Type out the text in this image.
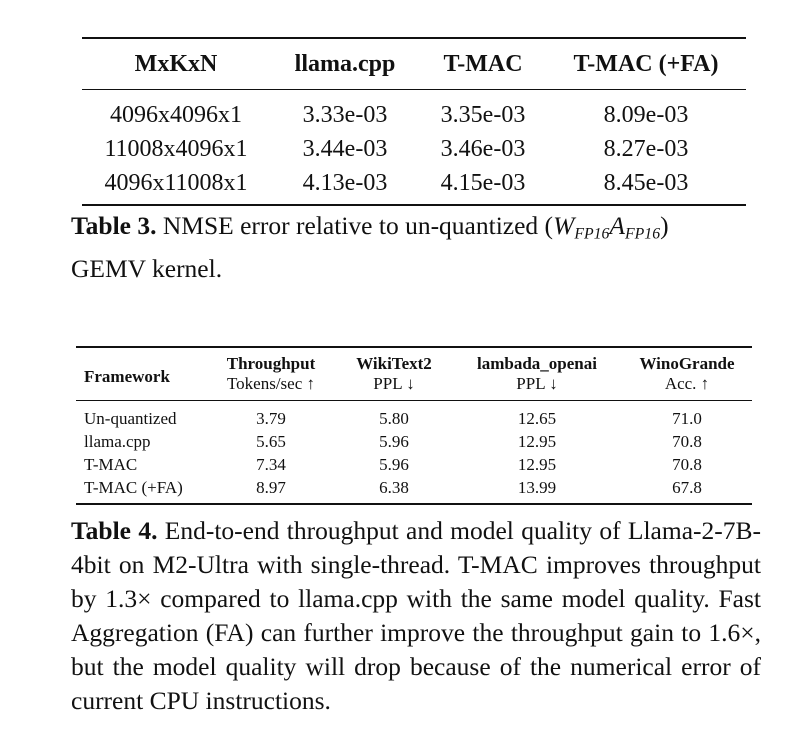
MxKxN	llama.cpp	T-MAC	T-MAC (+FA)
4096x4096x1	3.33e-03	3.35e-03	8.09e-03
11008x4096x1	3.44e-03	3.46e-03	8.27e-03
4096x11008x1	4.13e-03	4.15e-03	8.45e-03
Table 3. NMSE error relative to un-quantized $(W_{FP16}A_{FP16})$
GEMV kernel.
Framework	Throughput	WikiText2	lambada_openai	WinoGrande
	Tokens/sec ↑	PPL ↓	PPL ↓	Acc. ↑
Un-quantized	3.79	5.80	12.65	71.0
llama.cpp	5.65	5.96	12.95	70.8
T-MAC	7.34	5.96	12.95	70.8
T-MAC (+FA)	8.97	6.38	13.99	67.8
Table 4. End-to-end throughput and model quality of Llama-2-7B-4bit on M2-Ultra with single-thread. T-MAC improves throughput by 1.3× compared to llama.cpp with the same model quality. Fast Aggregation (FA) can further improve the throughput gain to 1.6×, but the model quality will drop because of the numerical error of current CPU instructions.
